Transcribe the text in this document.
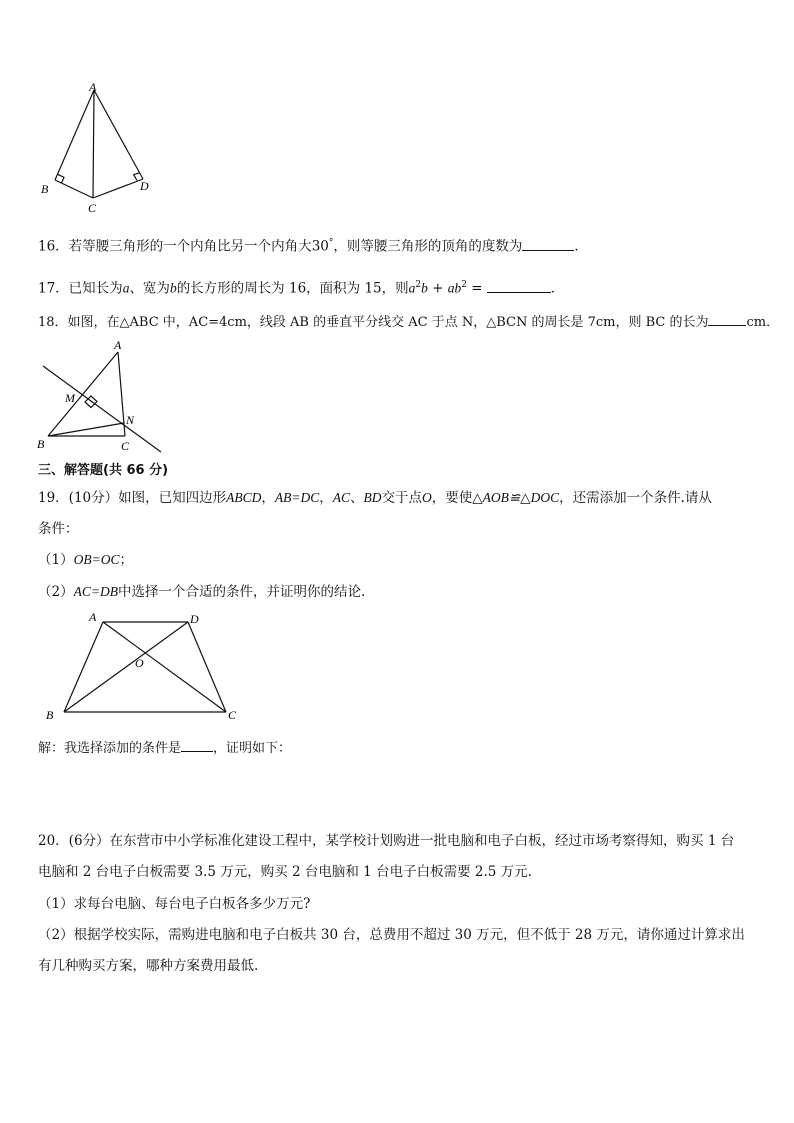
A
B
C
D
16．若等腰三角形的一个内角比另一个内角大30°，则等腰三角形的顶角的度数为	．
17．已知长为a、宽为b的长方形的周长为 16，面积为 15，则$a^2b + ab^2$ =	．
18．如图，在△ABC 中，AC=4cm，线段 AB 的垂直平分线交 AC 于点 N，△BCN 的周长是 7cm，则 BC 的长为	cm．
A
M
N
B	C
三、解答题(共 66 分)
19．(10分）如图，已知四边形ABCD，AB=DC，AC、BD交于点O，要使△AOB≌△DOC，还需添加一个条件.请从
条件：
（1）OB=OC；
（2）AC=DB中选择一个合适的条件，并证明你的结论.
A	D
O
B	C
解：我选择添加的条件是 ，证明如下：
20．(6分）在东营市中小学标准化建设工程中，某学校计划购进一批电脑和电子白板，经过市场考察得知，购买 1 台
电脑和 2 台电子白板需要 3.5 万元，购买 2 台电脑和 1 台电子白板需要 2.5 万元.
（1）求每台电脑、每台电子白板各多少万元?
（2）根据学校实际，需购进电脑和电子白板共 30 台，总费用不超过 30 万元，但不低于 28 万元，请你通过计算求出
有几种购买方案，哪种方案费用最低.
